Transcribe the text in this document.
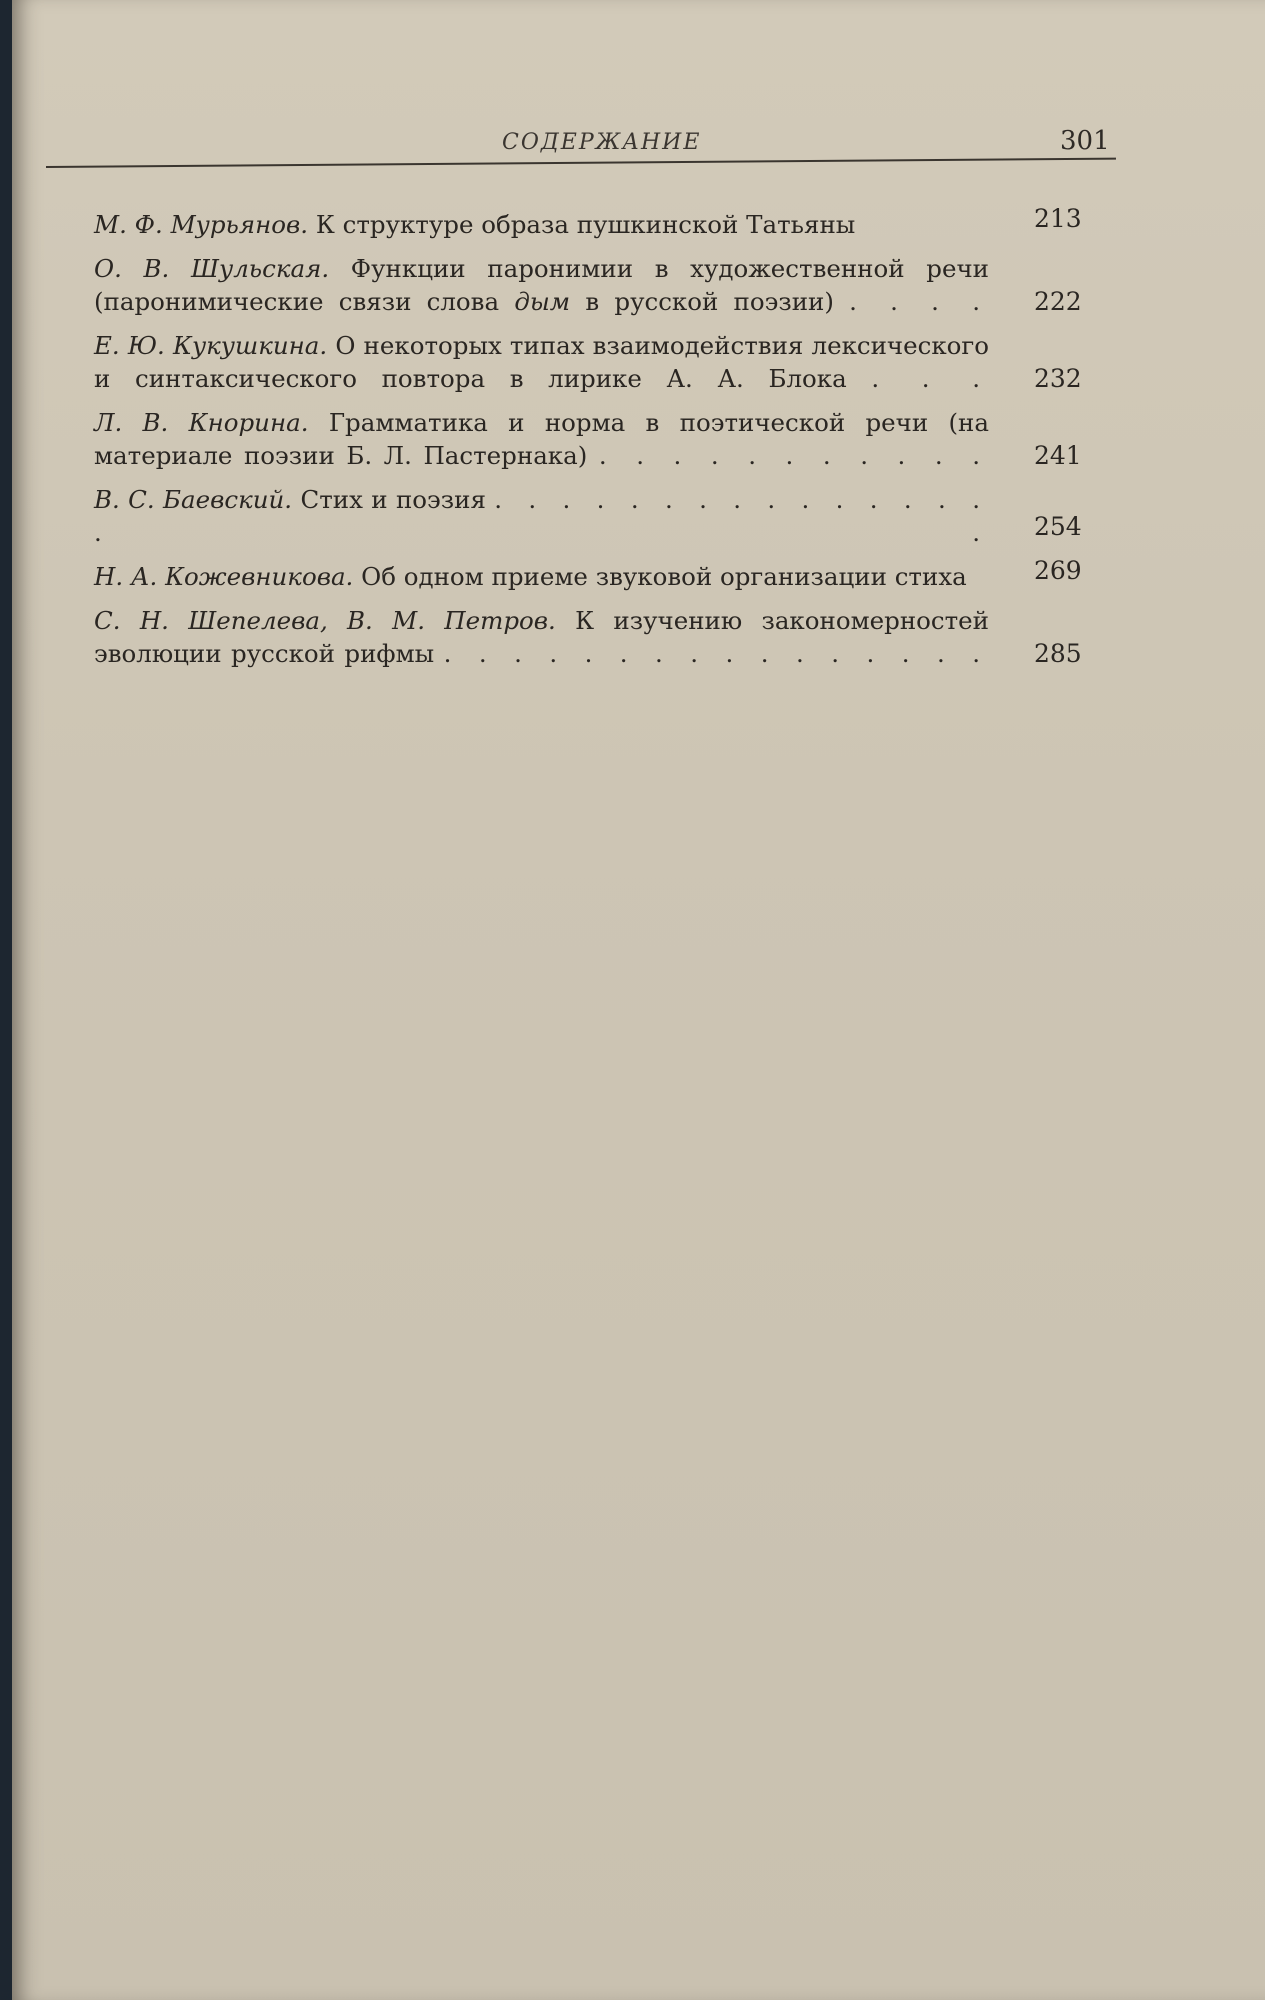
СОДЕРЖАНИЕ	301
М. Ф. Мурьянов. К структуре образа пушкинской Татьяны	213
О. В. Шульская. Функции паронимии в художественной речи (паронимические связи слова дым в русской поэзии) . . . . 222
Е. Ю. Кукушкина. О некоторых типах взаимодействия лексического и синтаксического повтора в лирике А. А. Блока . . . 232
Л. В. Кнорина. Грамматика и норма в поэтической речи (на материале поэзии Б. Л. Пастернака) . . . . . . . . . . . 241
В. С. Баевский. Стих и поэзия . . . . . . . . . . . . . . . . . 254
Н. А. Кожевникова. Об одном приеме звуковой организации стиха	269
С. Н. Шепелева, В. М. Петров. К изучению закономерностей эволюции русской рифмы . . . . . . . . . . . . . . . . 285
